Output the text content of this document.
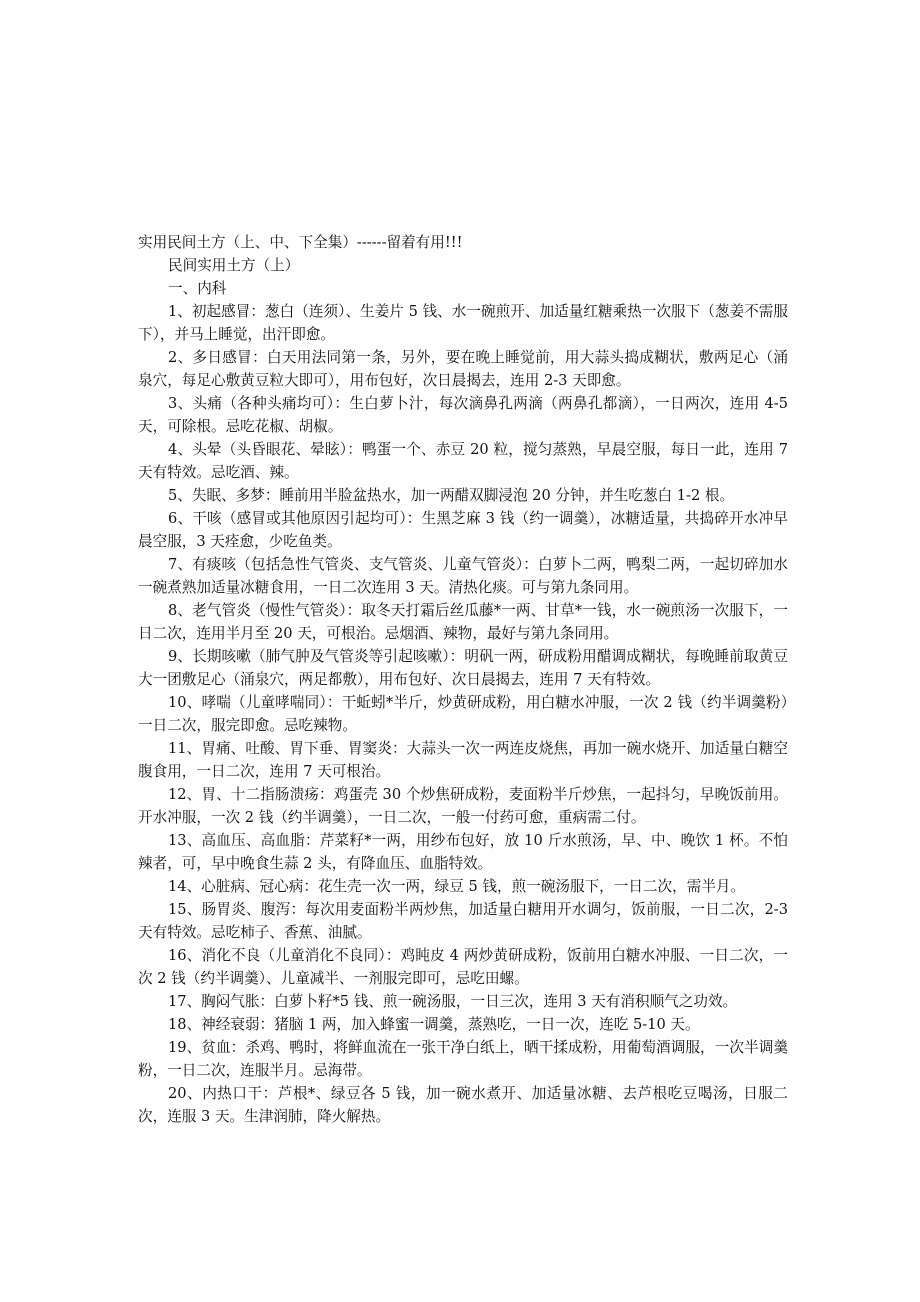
实用民间土方（上、中、下全集）------留着有用!!!

民间实用土方（上）

一、内科

1、初起感冒：葱白（连须）、生姜片 5 钱、水一碗煎开、加适量红糖乘热一次服下（葱姜不需服下），并马上睡觉，出汗即愈。

2、多日感冒：白天用法同第一条，另外，要在晚上睡觉前，用大蒜头捣成糊状，敷两足心（涌泉穴，每足心敷黄豆粒大即可），用布包好，次日晨揭去，连用 2-3 天即愈。

3、头痛（各种头痛均可）：生白萝卜汁，每次滴鼻孔两滴（两鼻孔都滴），一日两次，连用 4-5 天，可除根。忌吃花椒、胡椒。

4、头晕（头昏眼花、晕眩）：鸭蛋一个、赤豆 20 粒，搅匀蒸熟，早晨空服，每日一此，连用 7 天有特效。忌吃酒、辣。

5、失眠、多梦：睡前用半脸盆热水，加一两醋双脚浸泡 20 分钟，并生吃葱白 1-2 根。

6、干咳（感冒或其他原因引起均可）：生黑芝麻 3 钱（约一调羹），冰糖适量，共捣碎开水冲早晨空服，3 天痊愈，少吃鱼类。

7、有痰咳（包括急性气管炎、支气管炎、儿童气管炎）：白萝卜二两，鸭梨二两，一起切碎加水一碗煮熟加适量冰糖食用，一日二次连用 3 天。清热化痰。可与第九条同用。

8、老气管炎（慢性气管炎）：取冬天打霜后丝瓜藤*一两、甘草*一钱，水一碗煎汤一次服下，一日二次，连用半月至 20 天，可根治。忌烟酒、辣物，最好与第九条同用。

9、长期咳嗽（肺气肿及气管炎等引起咳嗽）：明矾一两，研成粉用醋调成糊状，每晚睡前取黄豆大一团敷足心（涌泉穴，两足都敷），用布包好、次日晨揭去，连用 7 天有特效。

10、哮喘（儿童哮喘同）：干蚯蚓*半斤，炒黄研成粉，用白糖水冲服，一次 2 钱（约半调羹粉）一日二次，服完即愈。忌吃辣物。

11、胃痛、吐酸、胃下垂、胃窦炎：大蒜头一次一两连皮烧焦，再加一碗水烧开、加适量白糖空腹食用，一日二次，连用 7 天可根治。

12、胃、十二指肠溃疡：鸡蛋壳 30 个炒焦研成粉，麦面粉半斤炒焦，一起抖匀，早晚饭前用。开水冲服，一次 2 钱（约半调羹），一日二次，一般一付药可愈，重病需二付。

13、高血压、高血脂：芹菜籽*一两，用纱布包好，放 10 斤水煎汤，早、中、晚饮 1 杯。不怕辣者，可，早中晚食生蒜 2 头，有降血压、血脂特效。

14、心脏病、冠心病：花生壳一次一两，绿豆 5 钱，煎一碗汤服下，一日二次，需半月。

15、肠胃炎、腹泻：每次用麦面粉半两炒焦，加适量白糖用开水调匀，饭前服，一日二次，2-3 天有特效。忌吃柿子、香蕉、油腻。

16、消化不良（儿童消化不良同）：鸡盹皮 4 两炒黄研成粉，饭前用白糖水冲服、一日二次，一次 2 钱（约半调羹）、儿童减半、一剂服完即可，忌吃田螺。

17、胸闷气胀：白萝卜籽*5 钱、煎一碗汤服，一日三次，连用 3 天有消积顺气之功效。

18、神经衰弱：猪脑 1 两，加入蜂蜜一调羹，蒸熟吃，一日一次，连吃 5-10 天。

19、贫血：杀鸡、鸭时，将鲜血流在一张干净白纸上，晒干揉成粉，用葡萄酒调服，一次半调羹粉，一日二次，连服半月。忌海带。

20、内热口干：芦根*、绿豆各 5 钱，加一碗水煮开、加适量冰糖、去芦根吃豆喝汤，日服二次，连服 3 天。生津润肺，降火解热。
